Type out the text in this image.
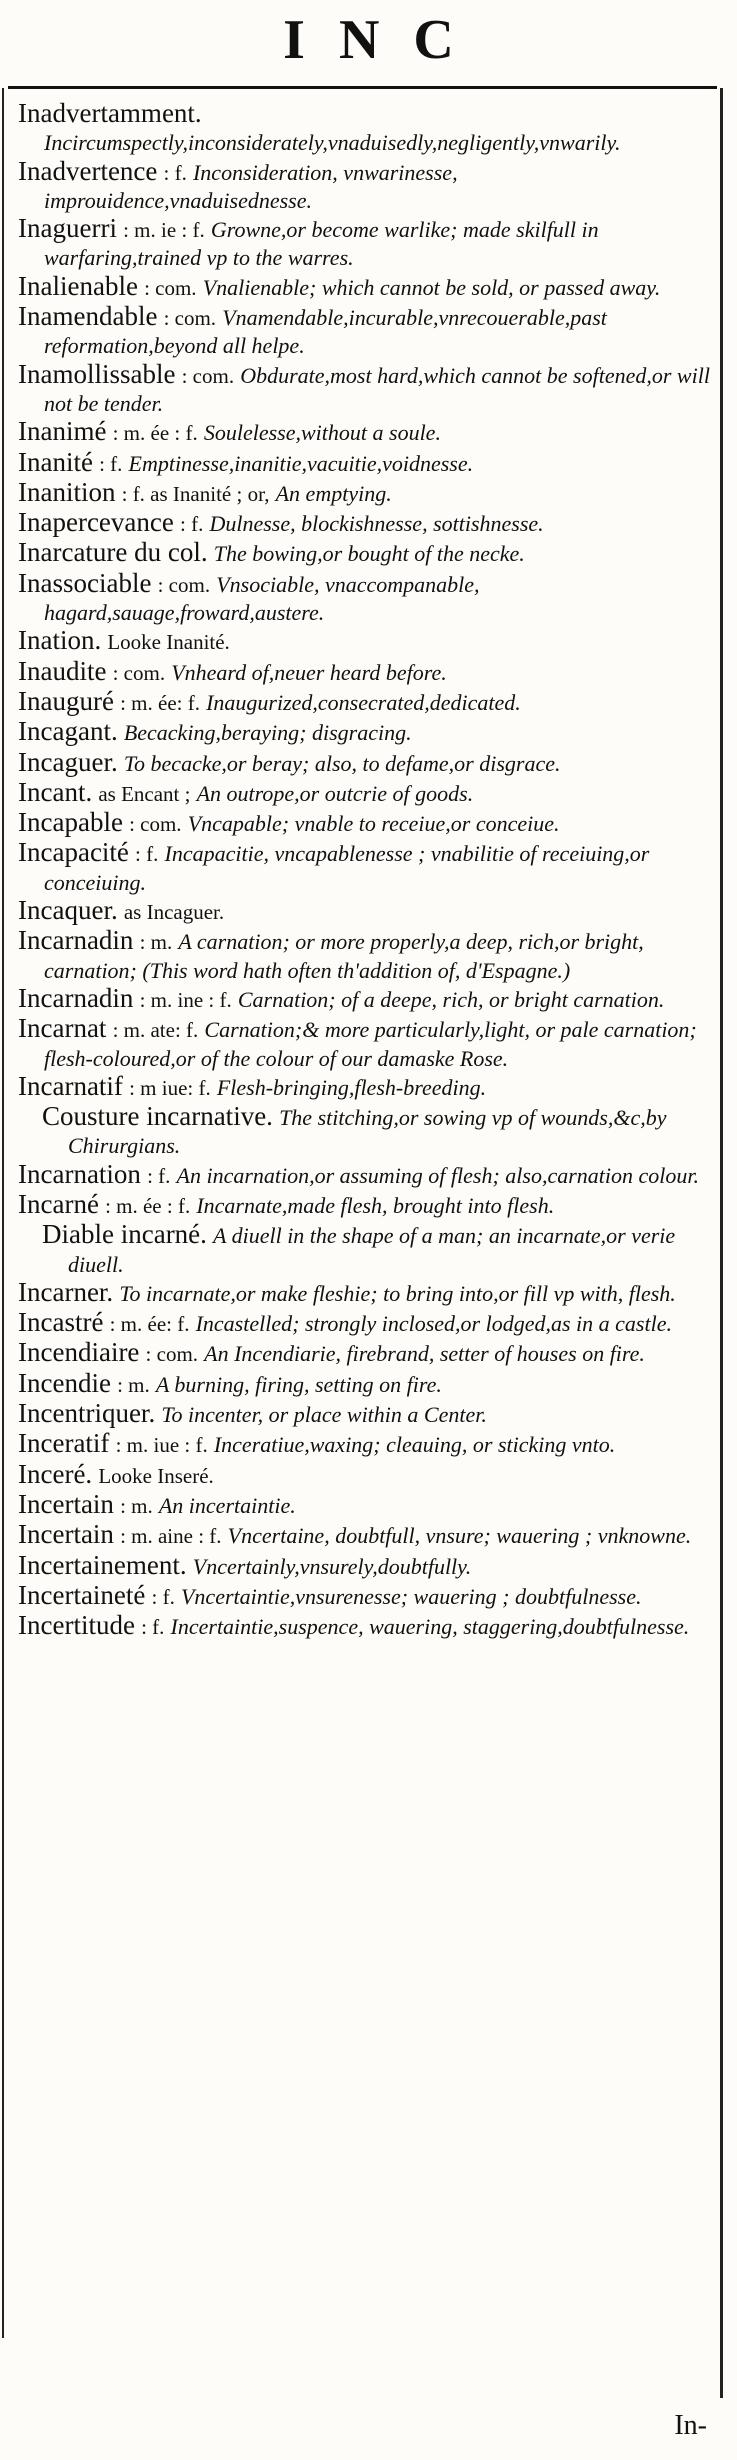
INC
Inadvertamment. Incircumspectly,inconsiderately,vnaduisedly,negligently,vnwarily.
Inadvertence : f. Inconsideration, vnwarinesse, improuidence,vnaduisednesse.
Inaguerri : m. ie : f. Growne,or become warlike; made skilfull in warfaring,trained vp to the warres.
Inalienable : com. Vnalienable; which cannot be sold, or passed away.
Inamendable : com. Vnamendable,incurable,vnrecouerable,past reformation,beyond all helpe.
Inamollissable : com. Obdurate,most hard,which cannot be softened,or will not be tender.
Inanimé : m. ée : f. Soulelesse,without a soule.
Inanité : f. Emptinesse,inanitie,vacuitie,voidnesse.
Inanition : f. as Inanité ; or, An emptying.
Inapercevance : f. Dulnesse, blockishnesse, sottishnesse.
Inarcature du col. The bowing,or bought of the necke.
Inassociable : com. Vnsociable, vnaccompanable, hagard,sauage,froward,austere.
Ination. Looke Inanité.
Inaudite : com. Vnheard of,neuer heard before.
Inauguré : m. ée: f. Inaugurized,consecrated,dedicated.
Incagant. Becacking,beraying; disgracing.
Incaguer. To becacke,or beray; also, to defame,or disgrace.
Incant. as Encant ; An outrope,or outcrie of goods.
Incapable : com. Vncapable; vnable to receiue,or conceiue.
Incapacité : f. Incapacitie, vncapablenesse ; vnabilitie of receiuing,or conceiuing.
Incaquer. as Incaguer.
Incarnadin : m. A carnation; or more properly,a deep, rich,or bright, carnation; (This word hath often th'addition of, d'Espagne.)
Incarnadin : m. ine : f. Carnation; of a deepe, rich, or bright carnation.
Incarnat : m. ate: f. Carnation;& more particularly,light, or pale carnation; flesh-coloured,or of the colour of our damaske Rose.
Incarnatif : m iue: f. Flesh-bringing,flesh-breeding.
Cousture incarnative. The stitching,or sowing vp of wounds,&c,by Chirurgians.
Incarnation : f. An incarnation,or assuming of flesh; also,carnation colour.
Incarné : m. ée : f. Incarnate,made flesh, brought into flesh.
Diable incarné. A diuell in the shape of a man; an incarnate,or verie diuell.
Incarner. To incarnate,or make fleshie; to bring into,or fill vp with, flesh.
Incastré : m. ée: f. Incastelled; strongly inclosed,or lodged,as in a castle.
Incendiaire : com. An Incendiarie, firebrand, setter of houses on fire.
Incendie : m. A burning, firing, setting on fire.
Incentriquer. To incenter, or place within a Center.
Inceratif : m. iue : f. Inceratiue,waxing; cleauing, or sticking vnto.
Inceré. Looke Inseré.
Incertain : m. An incertaintie.
Incertain : m. aine : f. Vncertaine, doubtfull, vnsure; wauering ; vnknowne.
Incertainement. Vncertainly,vnsurely,doubtfully.
Incertaineté : f. Vncertaintie,vnsurenesse; wauering ; doubtfulnesse.
Incertitude : f. Incertaintie,suspence, wauering, staggering,doubtfulnesse.
In-
